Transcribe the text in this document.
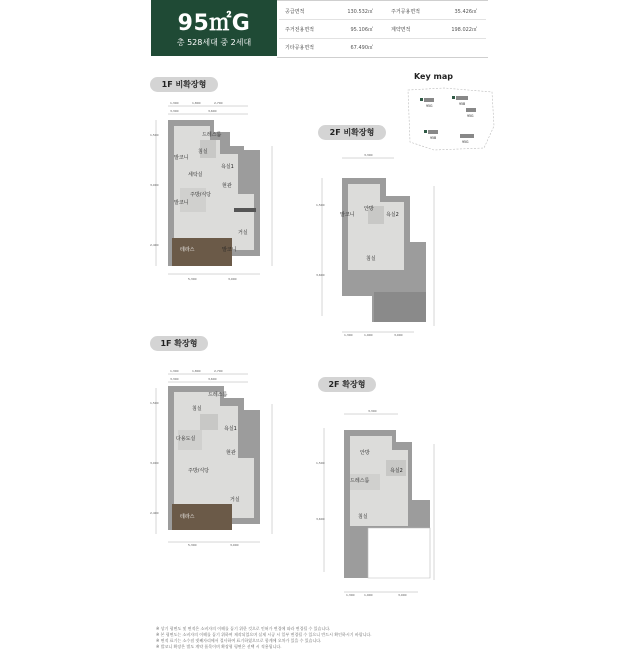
95㎡G
총 528세대 중 2세대
공급면적	130.532㎡	주거공용면적	35.426㎡
주거전용면적	95.106㎡	계약면적	198.022㎡
기타공용면적	67.490㎡
1F 비확장형
2F 비확장형
1F 확장형
2F 확장형
Key map
95G	95B
95G
95B
95G
1,300	1,800	2,700
3,300	3,600
5,300	3,000
1,500
3,000
2,400
드레스룸
침실
발코니
욕실1
세탁실
현관
주방/식당
발코니
거실
테라스	발코니
3,300
1,300	1,900	3,000
1,500
3,600
발코니
안방
욕실2
침실
1,300	1,800	2,700
3,300	3,600
5,300	3,000
1,500
3,000
2,400
드레스룸
침실
욕실1
다용도실
현관
주방/식당
거실
테라스
3,300
1,300	1,900	3,000
1,500
3,600
안방
욕실2
드레스룸
침실
※ 상기 평면도 및 면적은 소비자의 이해를 돕기 위한 것으로 인허가 변경에 따라 변경될 수 있습니다.
※ 본 평면도는 소비자의 이해를 돕기 위하여 제작되었으며 실제 시공 시 일부 변경될 수 있으니 반드시 확인하시기 바랍니다.
※ 면적 표기는 소수점 넷째자리에서 절사하여 표기하였으므로 합계에 오차가 있을 수 있습니다.
※ 발코니 확장은 별도 계약 품목이며 확장형 평면은 선택 시 적용됩니다.
